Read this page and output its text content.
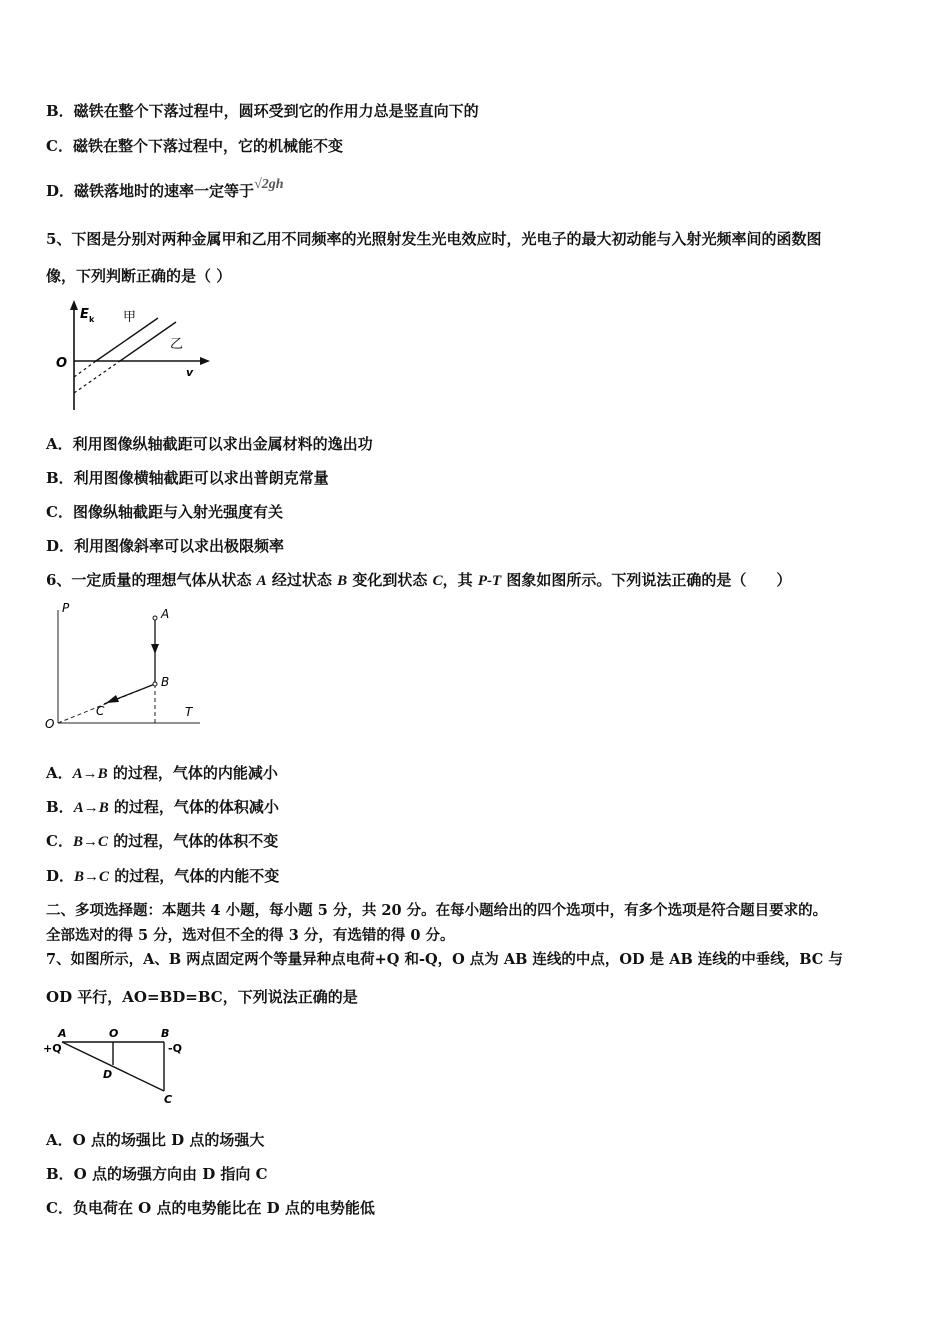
B．磁铁在整个下落过程中，圆环受到它的作用力总是竖直向下的
C．磁铁在整个下落过程中，它的机械能不变
D．磁铁落地时的速率一定等于√2gh
5、下图是分别对两种金属甲和乙用不同频率的光照射发生光电效应时，光电子的最大初动能与入射光频率间的函数图
像，下列判断正确的是（ ）
E k 甲
乙
O
v
A．利用图像纵轴截距可以求出金属材料的逸出功
B．利用图像横轴截距可以求出普朗克常量
C．图像纵轴截距与入射光强度有关
D．利用图像斜率可以求出极限频率
6、一定质量的理想气体从状态 A 经过状态 B 变化到状态 C，其 P-T 图象如图所示。下列说法正确的是（　　）
P	A
B
C
O
T
A．A→B 的过程，气体的内能减小
B．A→B 的过程，气体的体积减小
C．B→C 的过程，气体的体积不变
D．B→C 的过程，气体的内能不变
二、多项选择题：本题共 4 小题，每小题 5 分，共 20 分。在每小题给出的四个选项中，有多个选项是符合题目要求的。
全部选对的得 5 分，选对但不全的得 3 分，有选错的得 0 分。
7、如图所示，A、B 两点固定两个等量异种点电荷+Q 和-Q，O 点为 AB 连线的中点，OD 是 AB 连线的中垂线，BC 与
OD 平行，AO=BD=BC，下列说法正确的是
A	O	B
+Q	-Q
D
C
A．O 点的场强比 D 点的场强大
B．O 点的场强方向由 D 指向 C
C．负电荷在 O 点的电势能比在 D 点的电势能低
